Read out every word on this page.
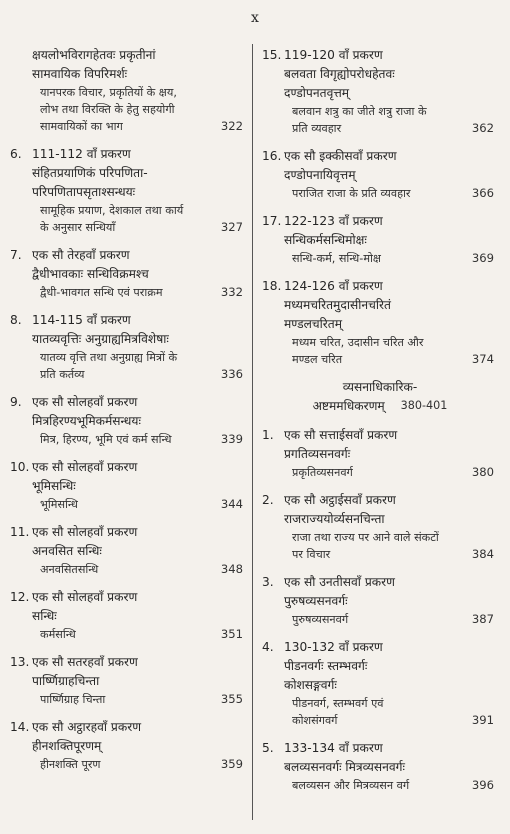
x
क्षयलोभविरागहेतवः प्रकृतीनां
सामवायिक विपरिमर्शः
यानपरक विचार, प्रकृतियों के क्षय,
लोभ तथा विरक्ति के हेतु सहयोगी
सामवायिकों का भाग	322
6. 111-112 वाँ प्रकरण
संहितप्रयाणिकं परिपणिता-
परिपणितापसृताश्सन्धयः
सामूहिक प्रयाण, देशकाल तथा कार्य
के अनुसार सन्धियाँ	327
7. एक सौ तेरहवाँ प्रकरण
द्वैधीभावकाः सन्धिविक्रमश्च
द्वैधी-भावगत सन्धि एवं पराक्रम	332
8. 114-115 वाँ प्रकरण
यातव्यवृत्तिः अनुग्राह्यमित्रविशेषाः
यातव्य वृत्ति तथा अनुग्राह्य मित्रों के
प्रति कर्तव्य	336
9. एक सौ सोलहवाँ प्रकरण
मित्रहिरण्यभूमिकर्मसन्धयः
मित्र, हिरण्य, भूमि एवं कर्म सन्धि	339
10. एक सौ सोलहवाँ प्रकरण
भूमिसन्धिः
भूमिसन्धि	344
11. एक सौ सोलहवाँ प्रकरण
अनवसित सन्धिः
अनवसितसन्धि	348
12. एक सौ सोलहवाँ प्रकरण
सन्धिः
कर्मसन्धि	351
13. एक सौ सतरहवाँ प्रकरण
पार्ष्णिग्राहचिन्ता
पार्ष्णिग्राह चिन्ता	355
14. एक सौ अट्ठारहवाँ प्रकरण
हीनशक्तिपूरणम्
हीनशक्ति पूरण	359
15. 119-120 वाँ प्रकरण
बलवता विगृह्योपरोधहेतवः
दण्डोपनतवृत्तम्
बलवान शत्रु का जीते शत्रु राजा के
प्रति व्यवहार	362
16. एक सौ इक्कीसवाँ प्रकरण
दण्डोपनायिवृत्तम्
पराजित राजा के प्रति व्यवहार	366
17. 122-123 वाँ प्रकरण
सन्धिकर्मसन्धिमोक्षः
सन्धि-कर्म, सन्धि-मोक्ष	369
18. 124-126 वाँ प्रकरण
मध्यमचरितमुदासीनचरितं
मण्डलचरितम्
मध्यम चरित, उदासीन चरित और
मण्डल चरित	374
व्यसनाधिकारिक-
अष्टममधिकरणम् 380-401
1. एक सौ सत्ताईसवाँ प्रकरण
प्रगतिव्यसनवर्गः
प्रकृतिव्यसनवर्ग	380
2. एक सौ अट्ठाईसवाँ प्रकरण
राजराज्ययोर्व्यसनचिन्ता
राजा तथा राज्य पर आने वाले संकटों
पर विचार	384
3. एक सौ उनतीसवाँ प्रकरण
पुरुषव्यसनवर्गः
पुरुषव्यसनवर्ग	387
4. 130-132 वाँ प्रकरण
पीडनवर्गः स्तम्भवर्गः
कोशसङ्गवर्गः
पीडनवर्ग, स्तम्भवर्ग एवं
कोशसंगवर्ग	391
5. 133-134 वाँ प्रकरण
बलव्यसनवर्गः मित्रव्यसनवर्गः
बलव्यसन और मित्रव्यसन वर्ग	396
